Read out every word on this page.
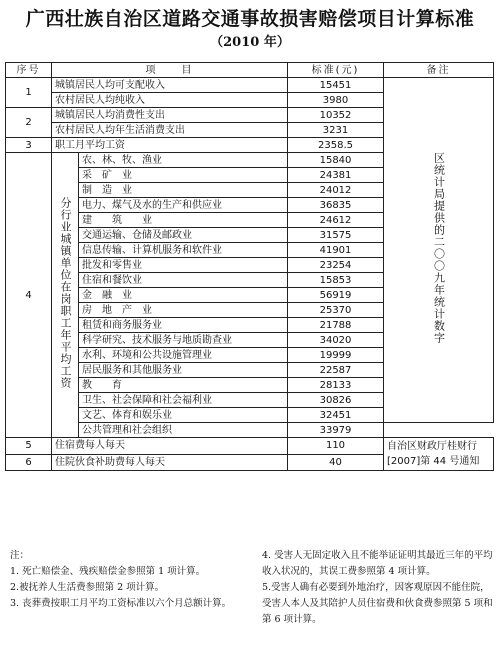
广西壮族自治区道路交通事故损害赔偿项目计算标准
（2010 年）
序号	项　　目		标准(元)	备注
1	城镇居民人均可支配收入		15451	区统计局提供的二〇〇九年统计数字
	农村居民人均纯收入		3980	
2	城镇居民人均消费性支出		10352	
	农村居民人均年生活消费支出		3231	
3	职工月平均工资		2358.5	
4	分行业城镇单位在岗职工年平均工资	农、林、牧、渔业	15840	
		采　矿　业	24381	
		制　造　业	24012	
		电力、煤气及水的生产和供应业	36835	
		建　　筑　　业	24612	
		交通运输、仓储及邮政业	31575	
		信息传输、计算机服务和软件业	41901	
		批发和零售业	23254	
		住宿和餐饮业	15853	
		金　融　业	56919	
		房　地　产　业	25370	
		租赁和商务服务业	21788	
		科学研究、技术服务与地质勘查业	34020	
		水利、环境和公共设施管理业	19999	
		居民服务和其他服务业	22587	
		教　　育	28133	
		卫生、社会保障和社会福利业	30826	
		文艺、体育和娱乐业	32451	
		公共管理和社会组织	33979	
5	住宿费每人每天		110	自治区财政厅桂财行[2007]第 44 号通知
6	住院伙食补助费每人每天		40	

注：

1. 死亡赔偿金、残疾赔偿金参照第 1 项计算。

2.被抚养人生活费参照第 2 项计算。

3. 丧葬费按职工月平均工资标准以六个月总额计算。

4. 受害人无固定收入且不能举证证明其最近三年的平均收入状况的，其误工费参照第 4 项计算。

5.受害人确有必要到外地治疗，因客观原因不能住院，受害人本人及其陪护人员住宿费和伙食费参照第 5 项和第 6 项计算。
